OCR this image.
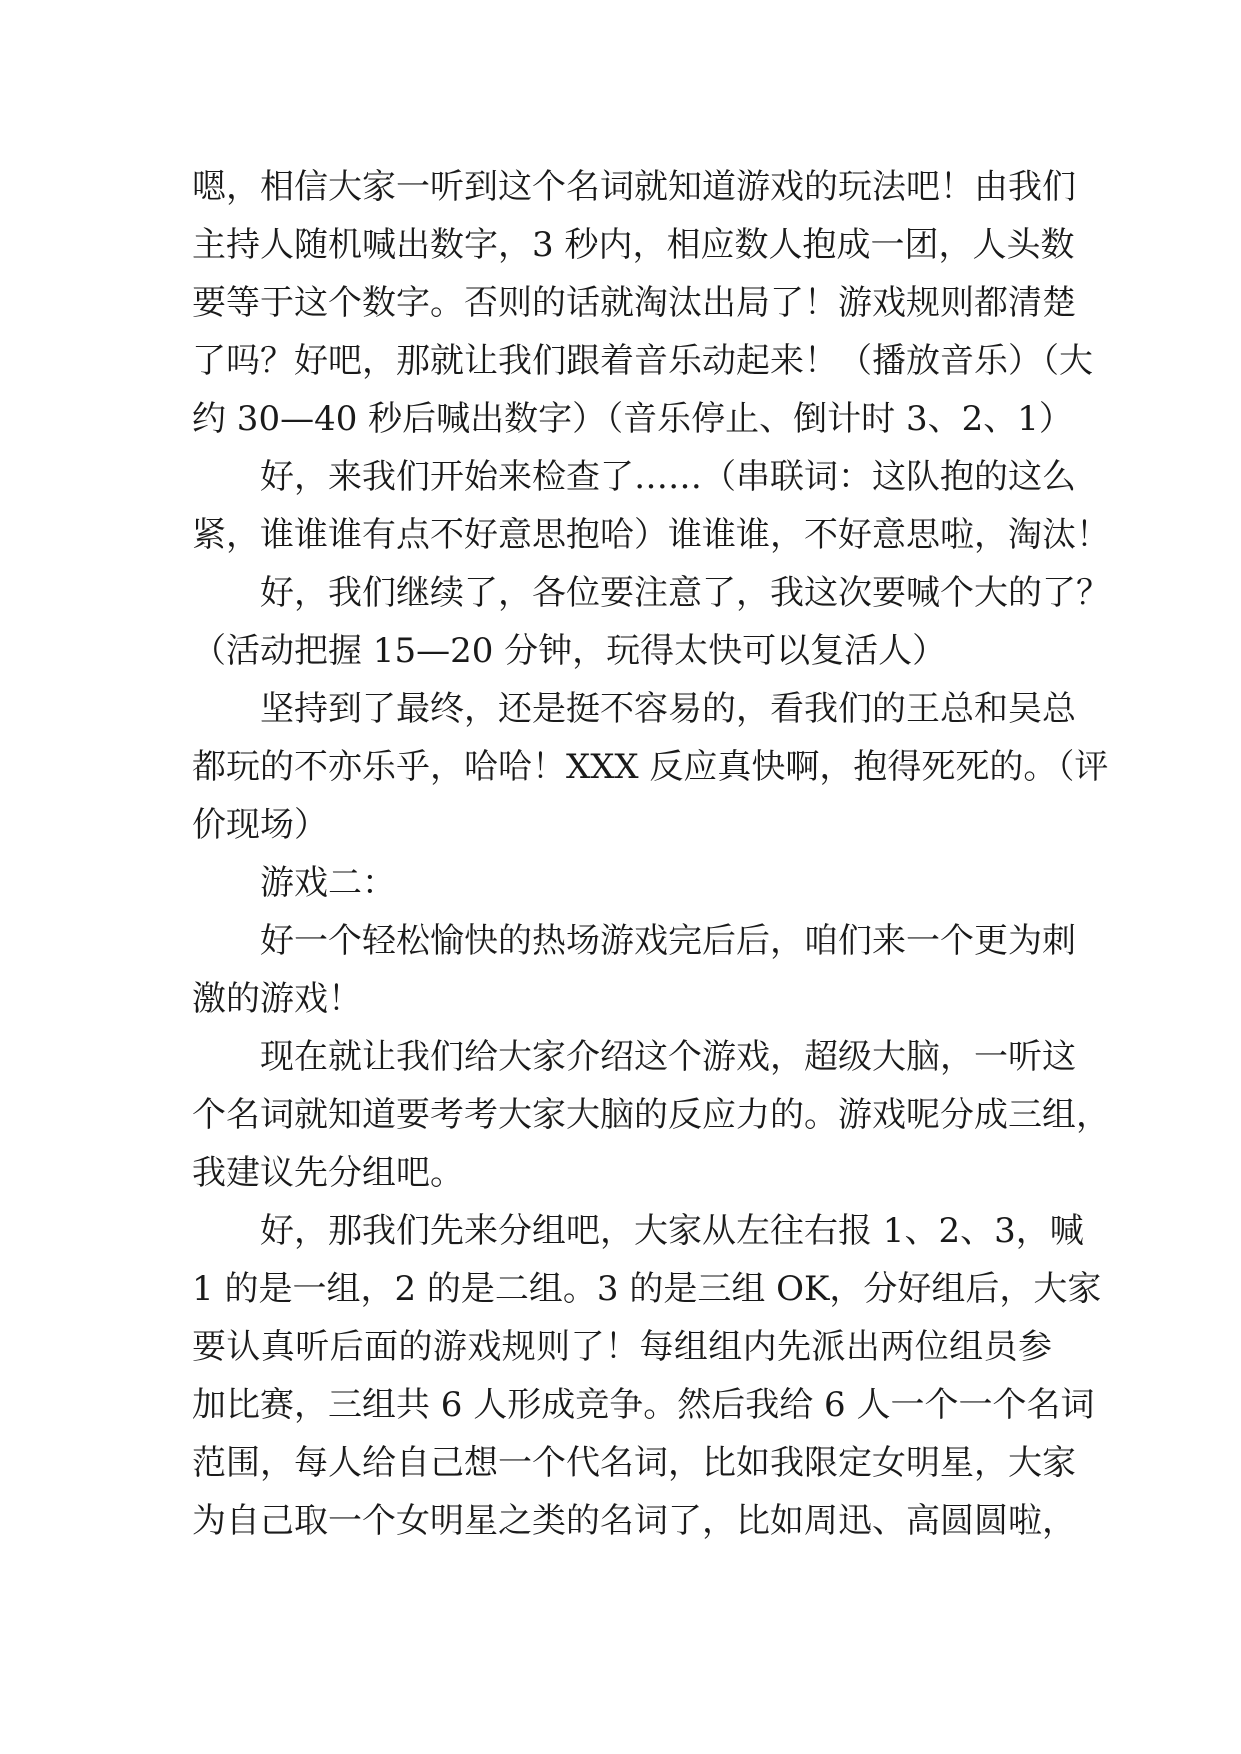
嗯，相信大家一听到这个名词就知道游戏的玩法吧！由我们
主持人随机喊出数字，3 秒内，相应数人抱成一团，人头数
要等于这个数字。否则的话就淘汰出局了！游戏规则都清楚
了吗？好吧，那就让我们跟着音乐动起来！（播放音乐）（大
约 30—40 秒后喊出数字）（音乐停止、倒计时 3、2、1）
好，来我们开始来检查了……（串联词：这队抱的这么
紧，谁谁谁有点不好意思抱哈）谁谁谁，不好意思啦，淘汰！
好，我们继续了，各位要注意了，我这次要喊个大的了？
（活动把握 15—20 分钟，玩得太快可以复活人）
坚持到了最终，还是挺不容易的，看我们的王总和吴总
都玩的不亦乐乎，哈哈！XXX 反应真快啊，抱得死死的。（评
价现场）
游戏二：
好一个轻松愉快的热场游戏完后后，咱们来一个更为刺
激的游戏！
现在就让我们给大家介绍这个游戏，超级大脑，一听这
个名词就知道要考考大家大脑的反应力的。游戏呢分成三组，
我建议先分组吧。
好，那我们先来分组吧，大家从左往右报 1、2、3，喊
1 的是一组，2 的是二组。3 的是三组 OK，分好组后，大家
要认真听后面的游戏规则了！每组组内先派出两位组员参
加比赛，三组共 6 人形成竞争。然后我给 6 人一个一个名词
范围，每人给自己想一个代名词，比如我限定女明星，大家
为自己取一个女明星之类的名词了，比如周迅、高圆圆啦，
